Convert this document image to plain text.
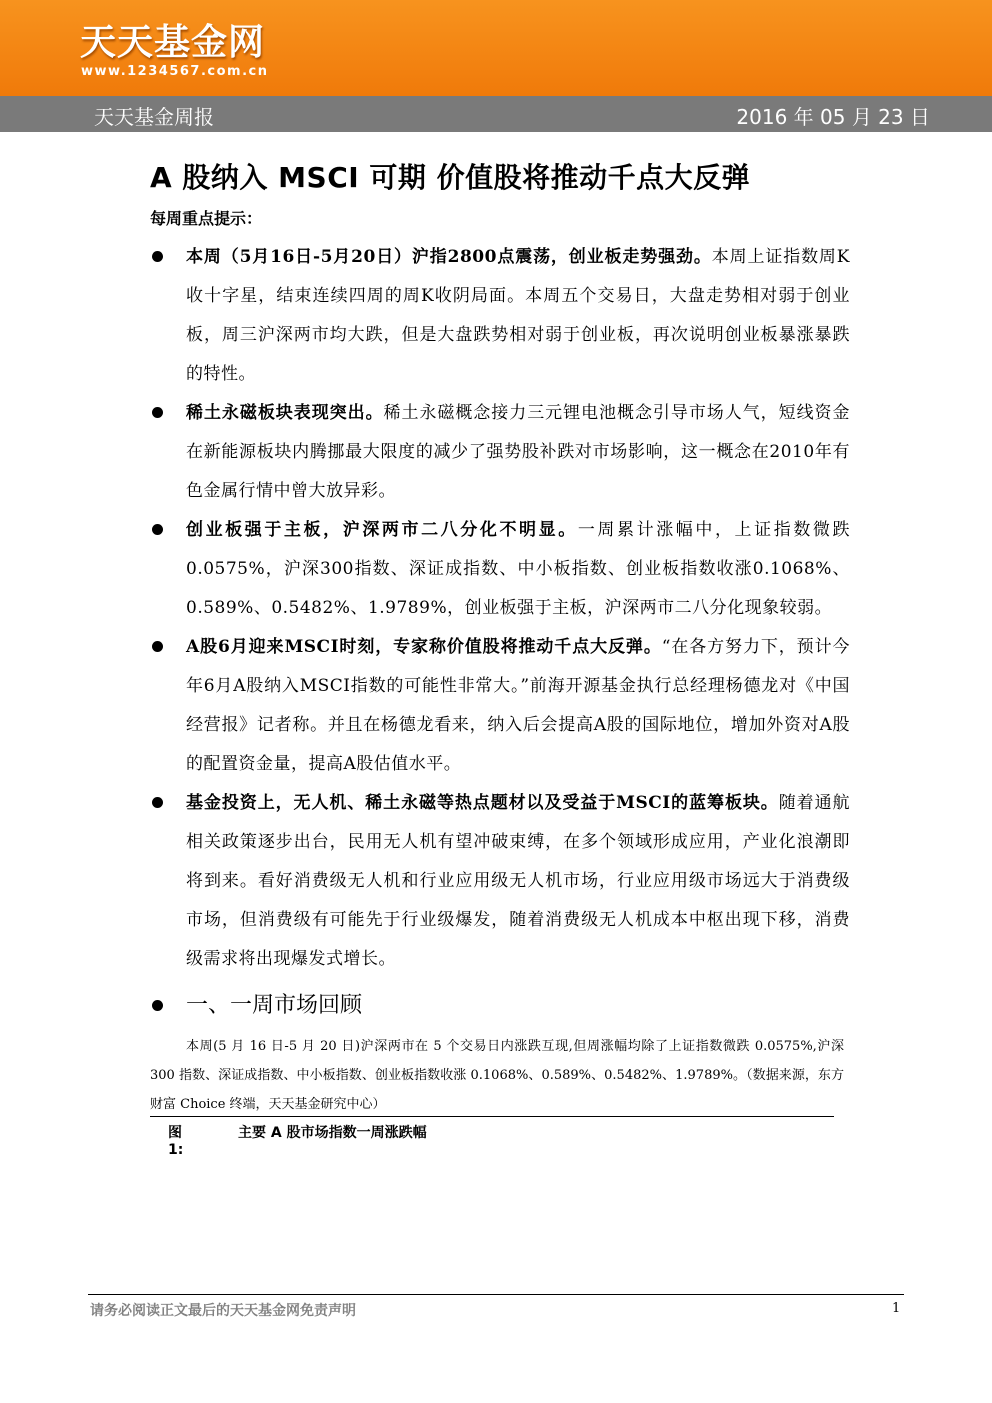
天天基金网
www.1234567.com.cn
天天基金周报	2016 年 05 月 23 日
A 股纳入 MSCI 可期 价值股将推动千点大反弹
每周重点提示：
本周（5月16日-5月20日）沪指2800点震荡，创业板走势强劲。本周上证指数周K收十字星，结束连续四周的周K收阴局面。本周五个交易日，大盘走势相对弱于创业板，周三沪深两市均大跌，但是大盘跌势相对弱于创业板，再次说明创业板暴涨暴跌的特性。
稀土永磁板块表现突出。稀土永磁概念接力三元锂电池概念引导市场人气，短线资金在新能源板块内腾挪最大限度的减少了强势股补跌对市场影响，这一概念在2010年有色金属行情中曾大放异彩。
创业板强于主板，沪深两市二八分化不明显。一周累计涨幅中，上证指数微跌0.0575%，沪深300指数、深证成指数、中小板指数、创业板指数收涨0.1068%、0.589%、0.5482%、1.9789%，创业板强于主板，沪深两市二八分化现象较弱。
A股6月迎来MSCI时刻，专家称价值股将推动千点大反弹。“在各方努力下，预计今年6月A股纳入MSCI指数的可能性非常大。”前海开源基金执行总经理杨德龙对《中国经营报》记者称。并且在杨德龙看来，纳入后会提高A股的国际地位，增加外资对A股的配置资金量，提高A股估值水平。
基金投资上，无人机、稀土永磁等热点题材以及受益于MSCI的蓝筹板块。随着通航相关政策逐步出台，民用无人机有望冲破束缚，在多个领域形成应用，产业化浪潮即将到来。看好消费级无人机和行业应用级无人机市场，行业应用级市场远大于消费级市场，但消费级有可能先于行业级爆发，随着消费级无人机成本中枢出现下移，消费级需求将出现爆发式增长。
一、一周市场回顾
本周(5 月 16 日-5 月 20 日)沪深两市在 5 个交易日内涨跌互现,但周涨幅均除了上证指数微跌 0.0575%,沪深 300 指数、深证成指数、中小板指数、创业板指数收涨 0.1068%、0.589%、0.5482%、1.9789%。（数据来源，东方财富 Choice 终端，天天基金研究中心）
图 1:
主要 A 股市场指数一周涨跌幅
请务必阅读正文最后的天天基金网免责声明	1
